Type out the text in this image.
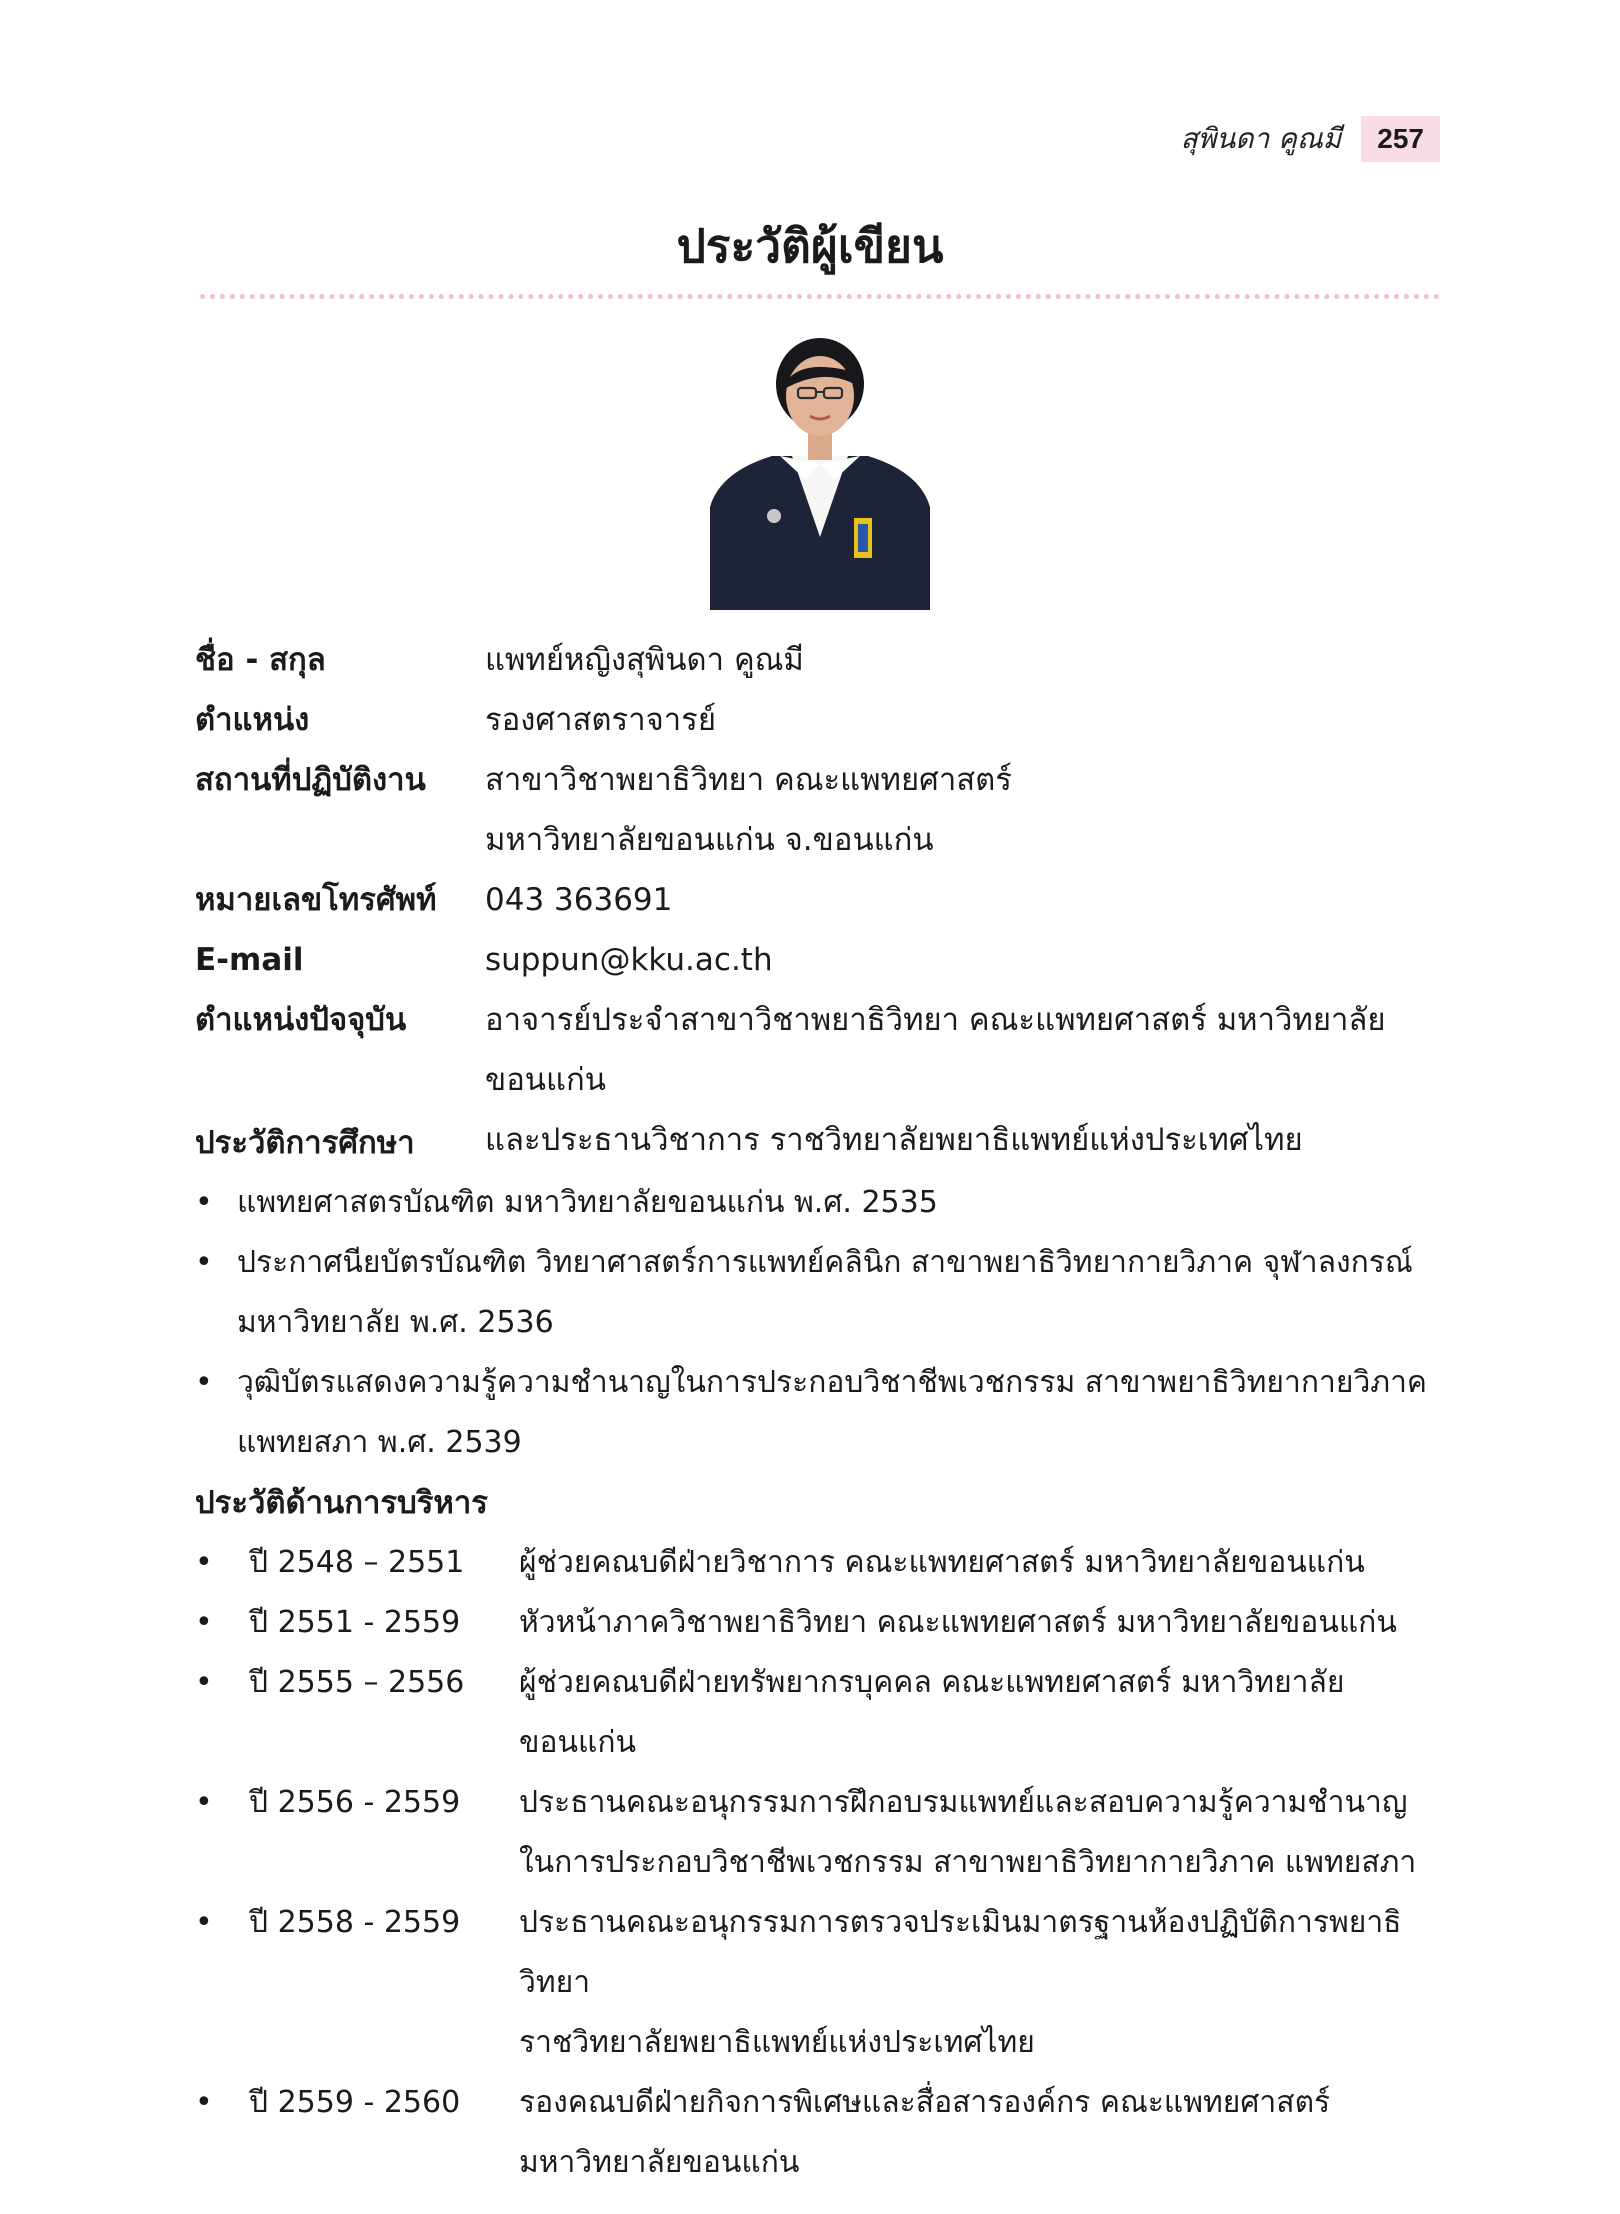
สุพินดา คูณมี	257
ประวัติผู้เขียน
ชื่อ - สกุล	แพทย์หญิงสุพินดา คูณมี
ตำแหน่ง	รองศาสตราจารย์
สถานที่ปฏิบัติงาน	สาขาวิชาพยาธิวิทยา คณะแพทยศาสตร์
มหาวิทยาลัยขอนแก่น จ.ขอนแก่น
หมายเลขโทรศัพท์	043 363691
E-mail	suppun@kku.ac.th
ตำแหน่งปัจจุบัน	อาจารย์ประจำสาขาวิชาพยาธิวิทยา คณะแพทยศาสตร์ มหาวิทยาลัยขอนแก่น
และประธานวิชาการ ราชวิทยาลัยพยาธิแพทย์แห่งประเทศไทย
ประวัติการศึกษา
• แพทยศาสตรบัณฑิต มหาวิทยาลัยขอนแก่น พ.ศ. 2535
• ประกาศนียบัตรบัณฑิต วิทยาศาสตร์การแพทย์คลินิก สาขาพยาธิวิทยากายวิภาค จุฬาลงกรณ์
มหาวิทยาลัย พ.ศ. 2536
• วุฒิบัตรแสดงความรู้ความชำนาญในการประกอบวิชาชีพเวชกรรม สาขาพยาธิวิทยากายวิภาค
แพทยสภา พ.ศ. 2539
ประวัติด้านการบริหาร
•	ปี 2548 – 2551	ผู้ช่วยคณบดีฝ่ายวิชาการ คณะแพทยศาสตร์ มหาวิทยาลัยขอนแก่น
•	ปี 2551 - 2559	หัวหน้าภาควิชาพยาธิวิทยา คณะแพทยศาสตร์ มหาวิทยาลัยขอนแก่น
•	ปี 2555 – 2556	ผู้ช่วยคณบดีฝ่ายทรัพยากรบุคคล คณะแพทยศาสตร์ มหาวิทยาลัยขอนแก่น
•	ปี 2556 - 2559	ประธานคณะอนุกรรมการฝึกอบรมแพทย์และสอบความรู้ความชำนาญ
ในการประกอบวิชาชีพเวชกรรม สาขาพยาธิวิทยากายวิภาค แพทยสภา
•	ปี 2558 - 2559	ประธานคณะอนุกรรมการตรวจประเมินมาตรฐานห้องปฏิบัติการพยาธิวิทยา
ราชวิทยาลัยพยาธิแพทย์แห่งประเทศไทย
•	ปี 2559 - 2560	รองคณบดีฝ่ายกิจการพิเศษและสื่อสารองค์กร คณะแพทยศาสตร์
มหาวิทยาลัยขอนแก่น
